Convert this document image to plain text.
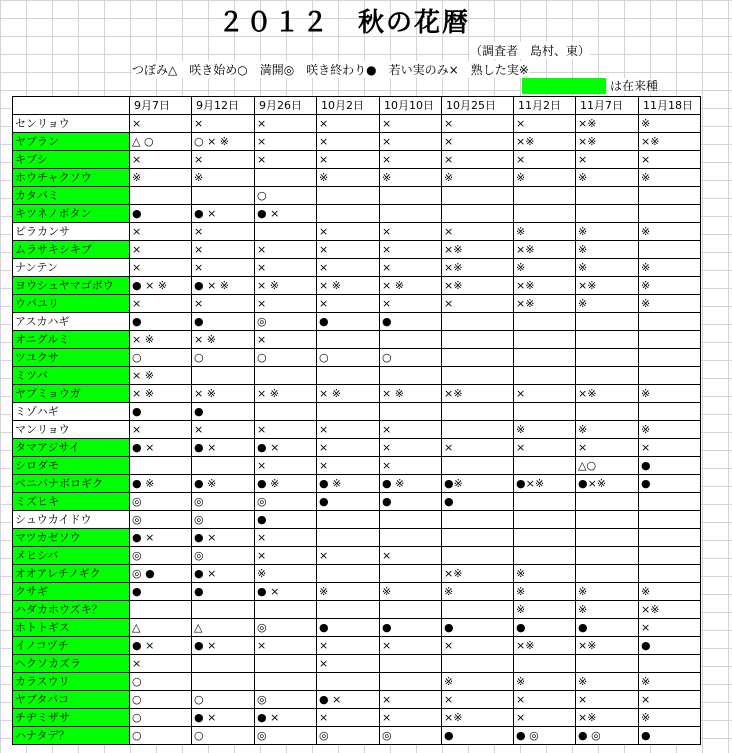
２０１２　秋の花暦
（調査者　島村、東）
つぼみ△　咲き始め○　満開◎　咲き終わり●　若い実のみ×　熟した実※
は在来種
	9月7日	9月12日	9月26日	10月2日	10月10日	10月25日	11月2日	11月7日	11月18日
センリョウ	×	×	×	×	×	×	×	×※	※
ヤブラン	△ ○	○ × ※	×	×	×	×	×※	×※	×※
キブシ	×	×	×	×	×	×	×	×	×
ホウチャクソウ	※	※		※	※	※	※	※	※
カタバミ			○						
キツネノボタン	●	● ×	● ×						
ピラカンサ	×	×		×	×	×	※	※	※
ムラサキシキブ	×	×	×	×	×	×※	×※	※	
ナンテン	×	×	×	×	×	×※	※	※	※
ヨウシュヤマゴボウ	● × ※	● × ※	× ※	× ※	× ※	×※	×※	×※	※
ウバユリ	×	×	×	×	×	×	×※	※	※
アスカハギ	●	●	◎	●	●				
オニグルミ	× ※	× ※	×						
ツユクサ	○	○	○	○	○				
ミツバ	× ※								
ヤブミョウガ	× ※	× ※	× ※	× ※	× ※	×※	×	×※	※
ミゾハギ	●	●							
マンリョウ	×	×	×	×	×		※	※	※
タマアジサイ	● ×	● ×	● ×	×	×	×	×	×	×
シロダモ			×	×	×			△○	●
ベニバナボロギク	● ※	● ※	● ※	● ※	● ※	●※	●×※	●×※	●
ミズヒキ	◎	◎	◎	●	●	●			
シュウカイドウ	◎	◎	●						
マツカゼソウ	● ×	● ×	×						
メヒシバ	◎	◎	×	×	×				
オオアレチノギク	◎ ●	● ×	※			×※	※		
クサギ	●	●	● ×	※	※	※	※	※	※
ハダカホウズキ？							※	※	×※
ホトトギス	△	△	◎	●	●	●	●	●	×
イノコヅチ	● ×	● ×	×	×	×	×	×※	×※	●
ヘクソカズラ	×			×					
カラスウリ	○					※	※	※	※
ヤブタバコ	○	○	◎	● ×	×	×	×	×	×
チヂミザサ	○	● ×	● ×	×	×	×※	×	×※	※
ハナタデ？	○	○	◎	◎	◎	●	● ◎	● ◎	●
